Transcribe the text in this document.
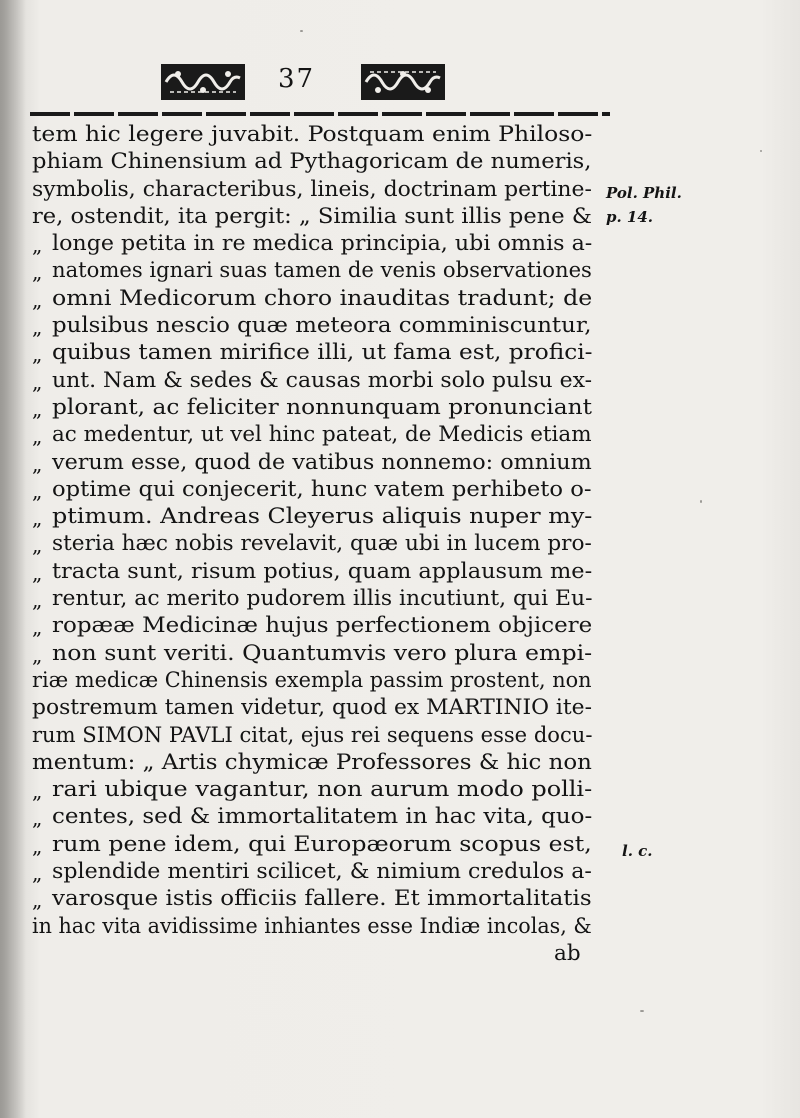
37
tem hic legere juvabit. Postquam enim Philoso-
phiam Chinensium ad Pythagoricam de numeris,
symbolis, characteribus, lineis, doctrinam pertine-
re, ostendit, ita pergit: „ Similia sunt illis pene &
„ longe petita in re medica principia, ubi omnis a-
„ natomes ignari suas tamen de venis observationes
„ omni Medicorum choro inauditas tradunt; de
„ pulsibus nescio quæ meteora comminiscuntur,
„ quibus tamen mirifice illi, ut fama est, profici-
„ unt. Nam & sedes & causas morbi solo pulsu ex-
„ plorant, ac feliciter nonnunquam pronunciant
„ ac medentur, ut vel hinc pateat, de Medicis etiam
„ verum esse, quod de vatibus nonnemo: omnium
„ optime qui conjecerit, hunc vatem perhibeto o-
„ ptimum. Andreas Cleyerus aliquis nuper my-
„ steria hæc nobis revelavit, quæ ubi in lucem pro-
„ tracta sunt, risum potius, quam applausum me-
„ rentur, ac merito pudorem illis incutiunt, qui Eu-
„ ropææ Medicinæ hujus perfectionem objicere
„ non sunt veriti. Quantumvis vero plura empi-
riæ medicæ Chinensis exempla passim prostent, non
postremum tamen videtur, quod ex MARTINIO ite-
rum SIMON PAVLI citat, ejus rei sequens esse docu-
mentum: „ Artis chymicæ Professores & hic non
„ rari ubique vagantur, non aurum modo polli-
„ centes, sed & immortalitatem in hac vita, quo-
„ rum pene idem, qui Europæorum scopus est,
„ splendide mentiri scilicet, & nimium credulos a-
„ varosque istis officiis fallere. Et immortalitatis
in hac vita avidissime inhiantes esse Indiæ incolas, &
ab
Pol. Phil.
p. 14.
l. c.
